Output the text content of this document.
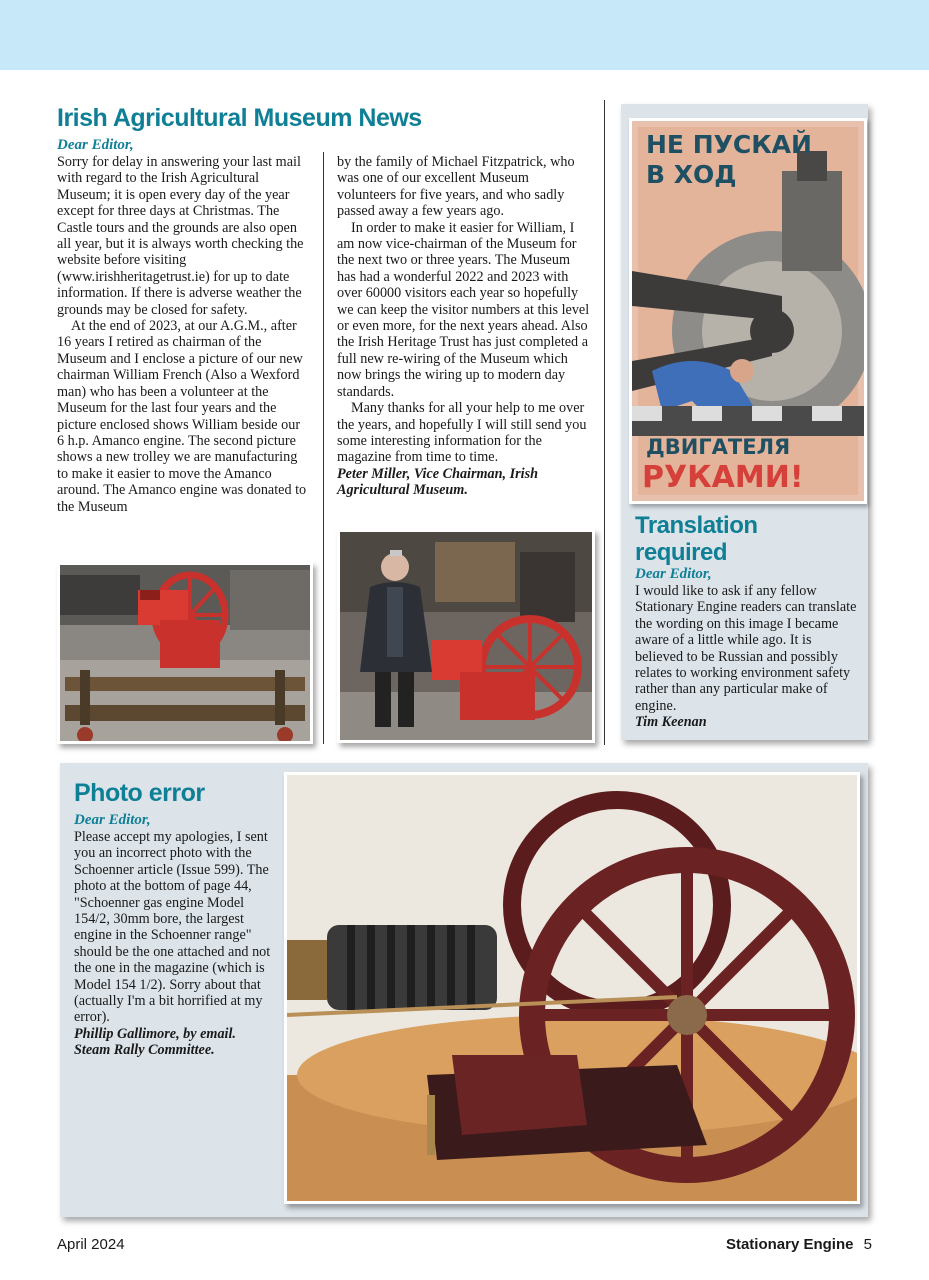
Irish Agricultural Museum News
Dear Editor,

Sorry for delay in answering your last mail with regard to the Irish Agricultural Museum; it is open every day of the year except for three days at Christmas. The Castle tours and the grounds are also open all year, but it is always worth checking the website before visiting (www.irishheritagetrust.ie) for up to date information. If there is adverse weather the grounds may be closed for safety.

At the end of 2023, at our A.G.M., after 16 years I retired as chairman of the Museum and I enclose a picture of our new chairman William French (Also a Wexford man) who has been a volunteer at the Museum for the last four years and the picture enclosed shows William beside our 6 h.p. Amanco engine. The second picture shows a new trolley we are manufacturing to make it easier to move the Amanco around. The Amanco engine was donated to the Museum

by the family of Michael Fitzpatrick, who was one of our excellent Museum volunteers for five years, and who sadly passed away a few years ago.

In order to make it easier for William, I am now vice-chairman of the Museum for the next two or three years. The Museum has had a wonderful 2022 and 2023 with over 60000 visitors each year so hopefully we can keep the visitor numbers at this level or even more, for the next years ahead. Also the Irish Heritage Trust has just completed a full new re-wiring of the Museum which now brings the wiring up to modern day standards.

Many thanks for all your help to me over the years, and hopefully I will still send you some interesting information for the magazine from time to time.

Peter Miller, Vice Chairman, Irish Agricultural Museum.

НЕ ПУСКАЙ
В ХОД
ДВИГАТЕЛЯ
РУКАМИ!
Translation
required
Dear Editor,

I would like to ask if any fellow Stationary Engine readers can translate the wording on this image I became aware of a little while ago. It is believed to be Russian and possibly relates to working environment safety rather than any particular make of engine.

Tim Keenan

Photo error
Dear Editor,

Please accept my apologies, I sent you an incorrect photo with the Schoenner article (Issue 599). The photo at the bottom of page 44, "Schoenner gas engine Model 154/2, 30mm bore, the largest engine in the Schoenner range" should be the one attached and not the one in the magazine (which is Model 154 1/2). Sorry about that (actually I'm a bit horrified at my error).

Phillip Gallimore, by email.

Steam Rally Committee.

April 2024	Stationary Engine 5
